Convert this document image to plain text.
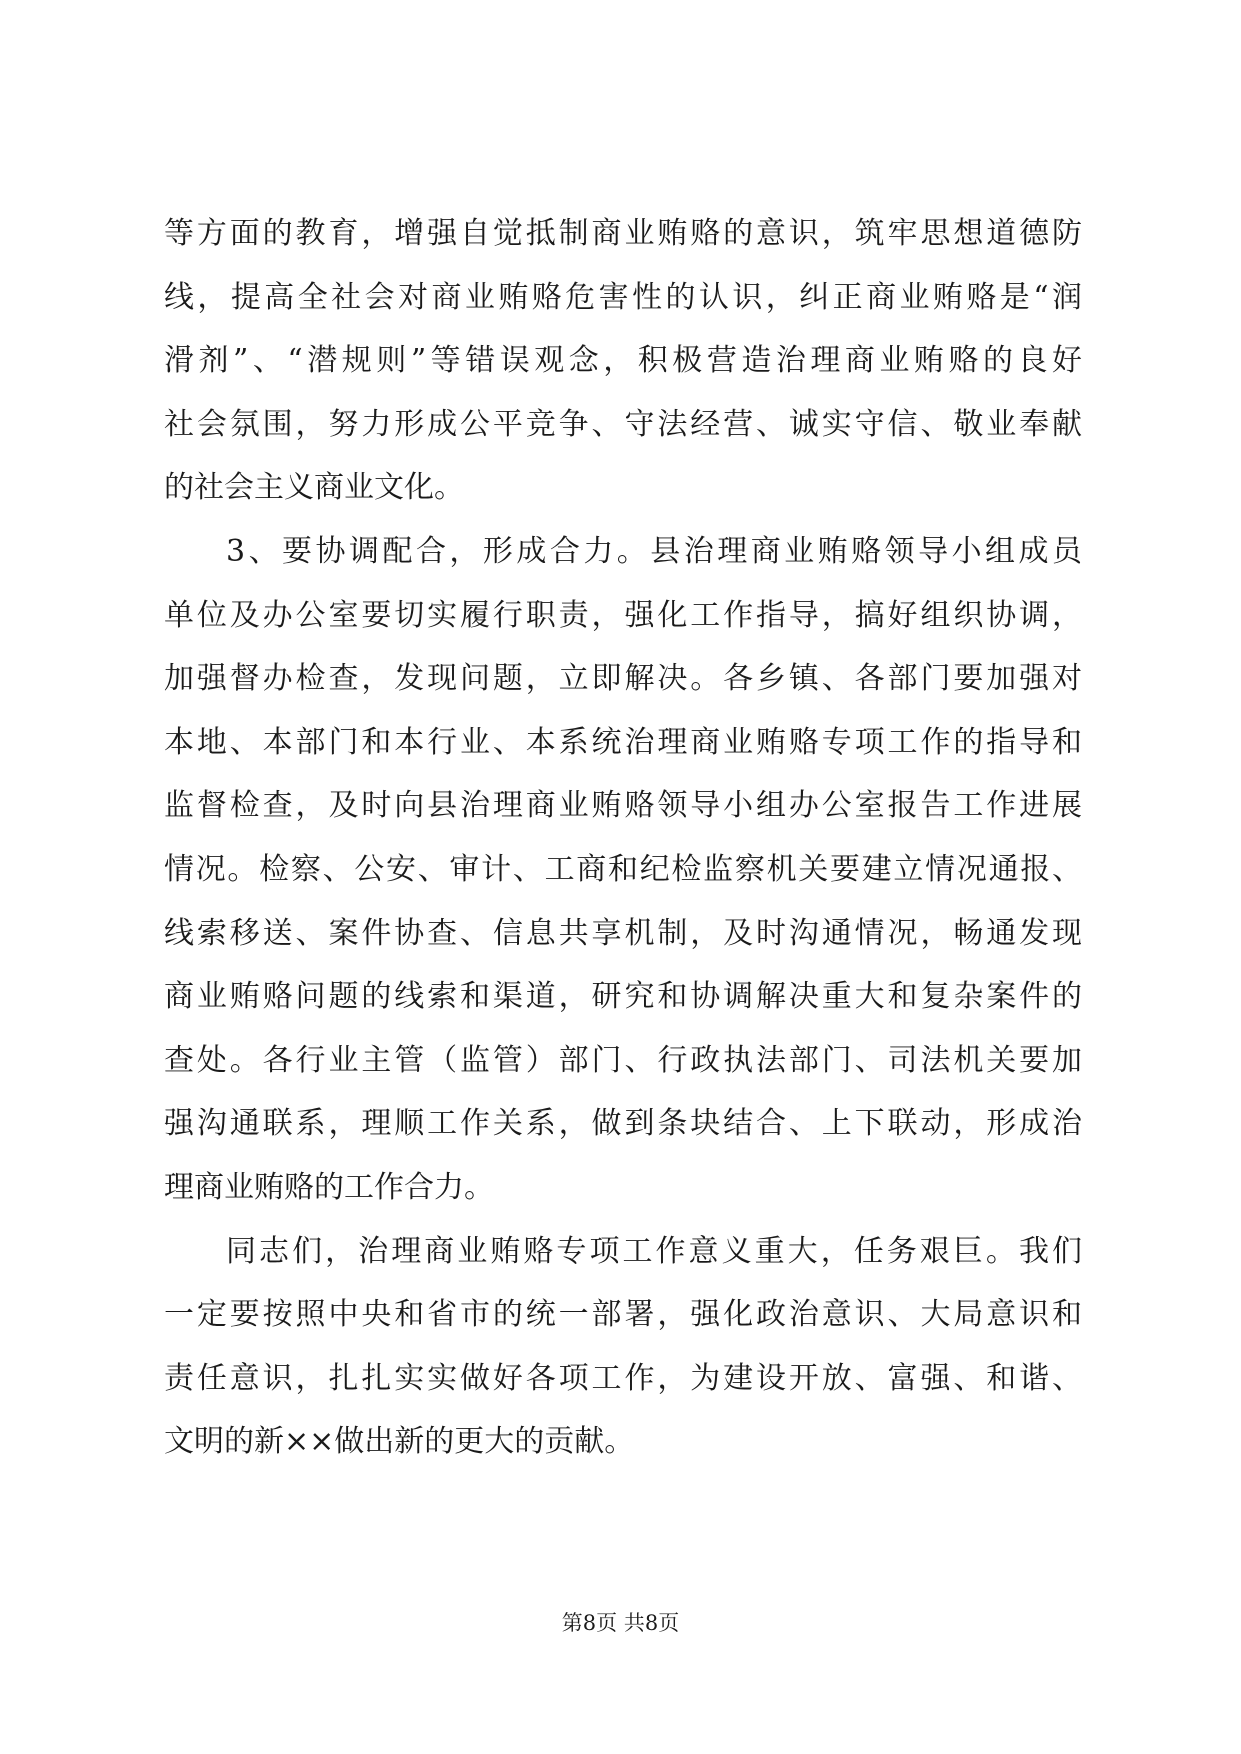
等方面的教育，增强自觉抵制商业贿赂的意识，筑牢思想道德防
线，提高全社会对商业贿赂危害性的认识，纠正商业贿赂是“润
滑剂”、“潜规则”等错误观念，积极营造治理商业贿赂的良好
社会氛围，努力形成公平竞争、守法经营、诚实守信、敬业奉献
的社会主义商业文化。
3、要协调配合，形成合力。县治理商业贿赂领导小组成员
单位及办公室要切实履行职责，强化工作指导，搞好组织协调，
加强督办检查，发现问题，立即解决。各乡镇、各部门要加强对
本地、本部门和本行业、本系统治理商业贿赂专项工作的指导和
监督检查，及时向县治理商业贿赂领导小组办公室报告工作进展
情况。检察、公安、审计、工商和纪检监察机关要建立情况通报、
线索移送、案件协查、信息共享机制，及时沟通情况，畅通发现
商业贿赂问题的线索和渠道，研究和协调解决重大和复杂案件的
查处。各行业主管（监管）部门、行政执法部门、司法机关要加
强沟通联系，理顺工作关系，做到条块结合、上下联动，形成治
理商业贿赂的工作合力。
同志们，治理商业贿赂专项工作意义重大，任务艰巨。我们
一定要按照中央和省市的统一部署，强化政治意识、大局意识和
责任意识，扎扎实实做好各项工作，为建设开放、富强、和谐、
文明的新××做出新的更大的贡献。
第8页 共8页
